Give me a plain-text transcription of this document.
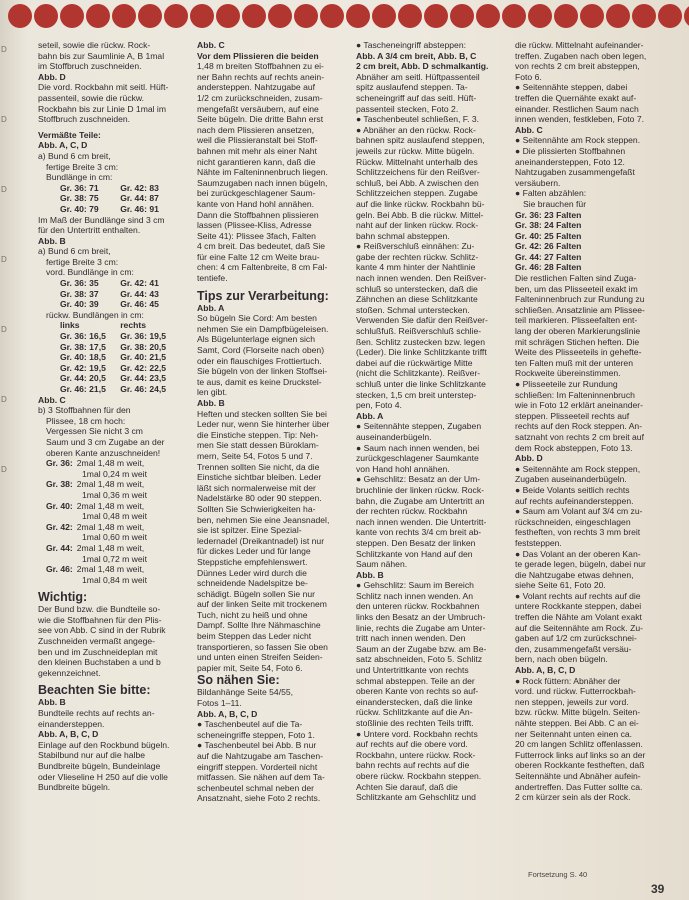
D
D
D
D
D
D
D

seteil, sowie die rückw. Rock-

bahn bis zur Saumlinie A, B 1mal

im Stoffbruch zuschneiden.

Abb. D

Die vord. Rockbahn mit seitl. Hüft-

passenteil, sowie die rückw.

Rockbahn bis zur Linie D 1mal im

Stoffbruch zuschneiden.

Vermäßte Teile:

Abb. A, C, D

a) Bund 6 cm breit,

fertige Breite 3 cm:

Bundlänge in cm:

Gr. 36: 71	Gr. 42: 83

Gr. 38: 75	Gr. 44: 87

Gr. 40: 79	Gr. 46: 91

Im Maß der Bundlänge sind 3 cm

für den Untertritt enthalten.

Abb. B

a) Bund 6 cm breit,

fertige Breite 3 cm:

vord. Bundlänge in cm:

Gr. 36: 35	Gr. 42: 41

Gr. 38: 37	Gr. 44: 43

Gr. 40: 39	Gr. 46: 45

rückw. Bundlängen in cm:

links	rechts

Gr. 36: 16,5	Gr. 36: 19,5

Gr. 38: 17,5	Gr. 38: 20,5

Gr. 40: 18,5	Gr. 40: 21,5

Gr. 42: 19,5	Gr. 42: 22,5

Gr. 44: 20,5	Gr. 44: 23,5

Gr. 46: 21,5	Gr. 46: 24,5

Abb. C

b) 3 Stoffbahnen für den

Plissee, 18 cm hoch:

Vergessen Sie nicht 3 cm

Saum und 3 cm Zugabe an der

oberen Kante anzuschneiden!

Gr. 36: 2mal 1,48 m weit,

1mal 0,24 m weit

Gr. 38: 2mal 1,48 m weit,

1mal 0,36 m weit

Gr. 40: 2mal 1,48 m weit,

1mal 0,48 m weit

Gr. 42: 2mal 1,48 m weit,

1mal 0,60 m weit

Gr. 44: 2mal 1,48 m weit,

1mal 0,72 m weit

Gr. 46: 2mal 1,48 m weit,

1mal 0,84 m weit

Wichtig:

Der Bund bzw. die Bundteile so-

wie die Stoffbahnen für den Plis-

see von Abb. C sind in der Rubrik

Zuschneiden vermaßt angege-

ben und im Zuschneideplan mit

den kleinen Buchstaben a und b

gekennzeichnet.

Beachten Sie bitte:

Abb. B

Bundteile rechts auf rechts an-

einandersteppen.

Abb. A, B, C, D

Einlage auf den Rockbund bügeln.

Stabilbund nur auf die halbe

Bundbreite bügeln, Bundeinlage

oder Vlieseline H 250 auf die volle

Bundbreite bügeln.

Abb. C

Vor dem Plissieren die beiden

1,48 m breiten Stoffbahnen zu ei-

ner Bahn rechts auf rechts anein-

andersteppen. Nahtzugabe auf

1/2 cm zurückschneiden, zusam-

mengefaßt versäubern, auf eine

Seite bügeln. Die dritte Bahn erst

nach dem Plissieren ansetzen,

weil die Plissieranstalt bei Stoff-

bahnen mit mehr als einer Naht

nicht garantieren kann, daß die

Nähte im Falteninnenbruch liegen.

Saumzugaben nach innen bügeln,

bei zurückgeschlagener Saum-

kante von Hand hohl annähen.

Dann die Stoffbahnen plissieren

lassen (Plissee-Kliss, Adresse

Seite 41): Plissee 3fach, Falten

4 cm breit. Das bedeutet, daß Sie

für eine Falte 12 cm Weite brau-

chen: 4 cm Faltenbreite, 8 cm Fal-

tentiefe.

Tips zur Verarbeitung:

Abb. A

So bügeln Sie Cord: Am besten

nehmen Sie ein Dampfbügeleisen.

Als Bügelunterlage eignen sich

Samt, Cord (Florseite nach oben)

oder ein flauschiges Frottiertuch.

Sie bügeln von der linken Stoffsei-

te aus, damit es keine Druckstel-

len gibt.

Abb. B

Heften und stecken sollten Sie bei

Leder nur, wenn Sie hinterher über

die Einstiche steppen. Tip: Neh-

men Sie statt dessen Büroklam-

mern, Seite 54, Fotos 5 und 7.

Trennen sollten Sie nicht, da die

Einstiche sichtbar bleiben. Leder

läßt sich normalerweise mit der

Nadelstärke 80 oder 90 steppen.

Sollten Sie Schwierigkeiten ha-

ben, nehmen Sie eine Jeansnadel,

sie ist spitzer. Eine Spezial-

ledernadel (Dreikantnadel) ist nur

für dickes Leder und für lange

Steppstiche empfehlenswert.

Dünnes Leder wird durch die

schneidende Nadelspitze be-

schädigt. Bügeln sollen Sie nur

auf der linken Seite mit trockenem

Tuch, nicht zu heiß und ohne

Dampf. Sollte Ihre Nähmaschine

beim Steppen das Leder nicht

transportieren, so fassen Sie oben

und unten einen Streifen Seiden-

papier mit, Seite 54, Foto 6.

So nähen Sie:

Bildanhänge Seite 54/55,

Fotos 1–11.

Abb. A, B, C, D

● Taschenbeutel auf die Ta-

scheneingriffe steppen, Foto 1.

● Taschenbeutel bei Abb. B nur

auf die Nahtzugabe am Taschen-

eingriff steppen. Vorderteil nicht

mitfassen. Sie nähen auf dem Ta-

schenbeutel schmal neben der

Ansatznaht, siehe Foto 2 rechts.

● Tascheneingriff absteppen:

Abb. A 3/4 cm breit, Abb. B, C

2 cm breit, Abb. D schmalkantig.

Abnäher am seitl. Hüftpassenteil

spitz auslaufend steppen. Ta-

scheneingriff auf das seitl. Hüft-

passenteil stecken, Foto 2.

● Taschenbeutel schließen, F. 3.

● Abnäher an den rückw. Rock-

bahnen spitz auslaufend steppen,

jeweils zur rückw. Mitte bügeln.

Rückw. Mittelnaht unterhalb des

Schlitzzeichens für den Reißver-

schluß, bei Abb. A zwischen den

Schlitzzeichen steppen. Zugabe

auf die linke rückw. Rockbahn bü-

geln. Bei Abb. B die rückw. Mittel-

naht auf der linken rückw. Rock-

bahn schmal absteppen.

● Reißverschluß einnähen: Zu-

gabe der rechten rückw. Schlitz-

kante 4 mm hinter der Nahtlinie

nach innen wenden. Den Reißver-

schluß so unterstecken, daß die

Zähnchen an diese Schlitzkante

stoßen. Schmal unterstecken.

Verwenden Sie dafür den Reißver-

schlußfuß. Reißverschluß schlie-

ßen. Schlitz zustecken bzw. legen

(Leder). Die linke Schlitzkante trifft

dabei auf die rückwärtige Mitte

(nicht die Schlitzkante). Reißver-

schluß unter die linke Schlitzkante

stecken, 1,5 cm breit unterstep-

pen, Foto 4.

Abb. A

● Seitennähte steppen, Zugaben

auseinanderbügeln.

● Saum nach innen wenden, bei

zurückgeschlagener Saumkante

von Hand hohl annähen.

● Gehschlitz: Besatz an der Um-

bruchlinie der linken rückw. Rock-

bahn, die Zugabe am Untertritt an

der rechten rückw. Rockbahn

nach innen wenden. Die Untertritt-

kante von rechts 3/4 cm breit ab-

steppen. Den Besatz der linken

Schlitzkante von Hand auf den

Saum nähen.

Abb. B

● Gehschlitz: Saum im Bereich

Schlitz nach innen wenden. An

den unteren rückw. Rockbahnen

links den Besatz an der Umbruch-

linie, rechts die Zugabe am Unter-

tritt nach innen wenden. Den

Saum an der Zugabe bzw. am Be-

satz abschneiden, Foto 5. Schlitz

und Untertrittkante von rechts

schmal absteppen. Teile an der

oberen Kante von rechts so auf-

einanderstecken, daß die linke

rückw. Schlitzkante auf die An-

stoßlinie des rechten Teils trifft.

● Untere vord. Rockbahn rechts

auf rechts auf die obere vord.

Rockbahn, untere rückw. Rock-

bahn rechts auf rechts auf die

obere rückw. Rockbahn steppen.

Achten Sie darauf, daß die

Schlitzkante am Gehschlitz und

die rückw. Mittelnaht aufeinander-

treffen. Zugaben nach oben legen,

von rechts 2 cm breit absteppen,

Foto 6.

● Seitennähte steppen, dabei

treffen die Quernähte exakt auf-

einander. Restlichen Saum nach

innen wenden, festkleben, Foto 7.

Abb. C

● Seitennähte am Rock steppen.

● Die plissierten Stoffbahnen

aneinandersteppen, Foto 12.

Nahtzugaben zusammengefaßt

versäubern.

● Falten abzählen:

Sie brauchen für

Gr. 36: 23 Falten

Gr. 38: 24 Falten

Gr. 40: 25 Falten

Gr. 42: 26 Falten

Gr. 44: 27 Falten

Gr. 46: 28 Falten

Die restlichen Falten sind Zuga-

ben, um das Plisseeteil exakt im

Falteninnenbruch zur Rundung zu

schließen. Ansatzlinie am Plissee-

teil markieren. Plisseefalten ent-

lang der oberen Markierungslinie

mit schrägen Stichen heften. Die

Weite des Plisseeteils in gehefte-

ten Falten muß mit der unteren

Rockweite übereinstimmen.

● Plisseeteile zur Rundung

schließen: Im Falteninnenbruch

wie in Foto 12 erklärt aneinander-

steppen. Plisseeteil rechts auf

rechts auf den Rock steppen. An-

satznaht von rechts 2 cm breit auf

dem Rock absteppen, Foto 13.

Abb. D

● Seitennähte am Rock steppen,

Zugaben auseinanderbügeln.

● Beide Volants seitlich rechts

auf rechts aufeinandersteppen.

● Saum am Volant auf 3/4 cm zu-

rückschneiden, eingeschlagen

festheften, von rechts 3 mm breit

feststeppen.

● Das Volant an der oberen Kan-

te gerade legen, bügeln, dabei nur

die Nahtzugabe etwas dehnen,

siehe Seite 61, Foto 20.

● Volant rechts auf rechts auf die

untere Rockkante steppen, dabei

treffen die Nähte am Volant exakt

auf die Seitennähte am Rock. Zu-

gaben auf 1/2 cm zurückschnei-

den, zusammengefaßt versäu-

bern, nach oben bügeln.

Abb. A, B, C, D

● Rock füttern: Abnäher der

vord. und rückw. Futterrockbah-

nen steppen, jeweils zur vord.

bzw. rückw. Mitte bügeln. Seiten-

nähte steppen. Bei Abb. C an ei-

ner Seitennaht unten einen ca.

20 cm langen Schlitz offenlassen.

Futterrock links auf links so an der

oberen Rockkante festheften, daß

Seitennähte und Abnäher aufein-

andertreffen. Das Futter sollte ca.

2 cm kürzer sein als der Rock.

Fortsetzung S. 40
39
